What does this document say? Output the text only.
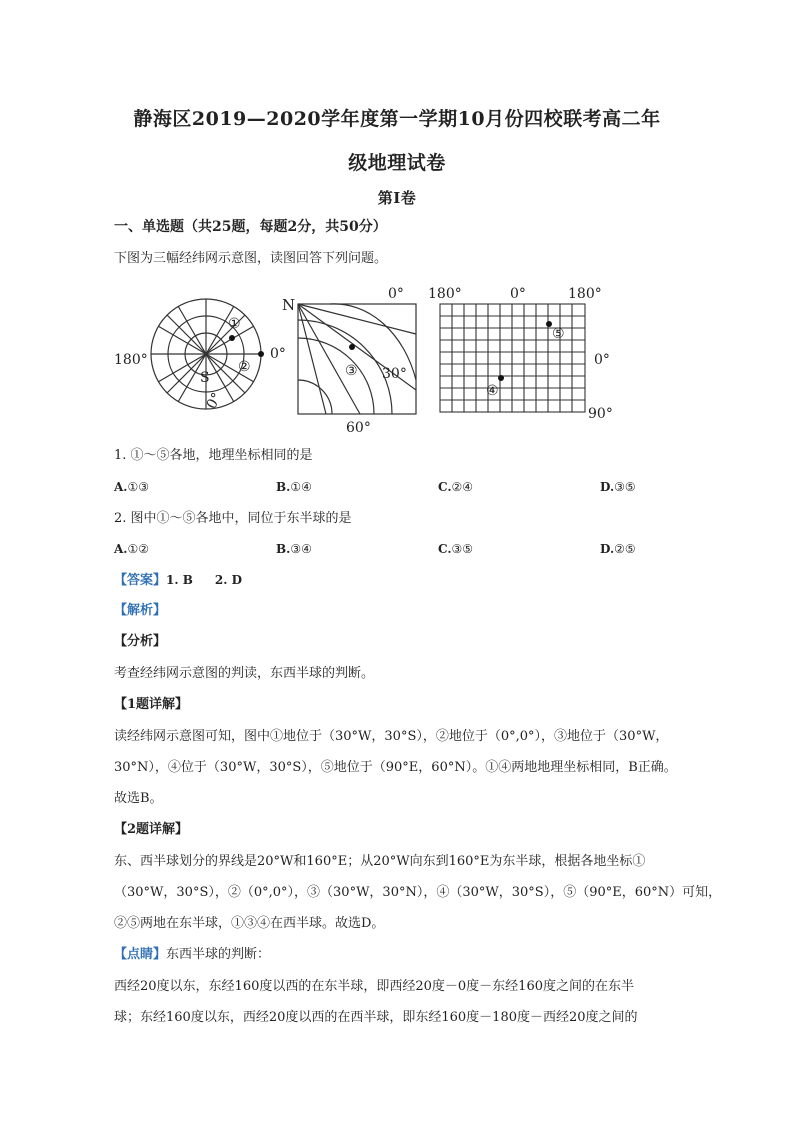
静海区2019—2020学年度第一学期10月份四校联考高二年
级地理试卷
第Ⅰ卷
一、单选题（共25题，每题2分，共50分）
下图为三幅经纬网示意图，读图回答下列问题。
①
②
S
180°	0°
0°
③
N
0°
30°
60°
⑤
④
180°	0°	180°
0°
90°
1. ①～⑤各地，地理坐标相同的是
A.①③	B.①④	C.②④	D.③⑤
2. 图中①～⑤各地中，同位于东半球的是
A.①②	B.③④	C.③⑤	D.②⑤
【答案】1. B 2. D
【解析】
【分析】
考查经纬网示意图的判读，东西半球的判断。
【1题详解】
读经纬网示意图可知，图中①地位于（30°W，30°S），②地位于（0°,0°），③地位于（30°W，
30°N），④位于（30°W，30°S），⑤地位于（90°E，60°N）。①④两地地理坐标相同，B正确。
故选B。
【2题详解】
东、西半球划分的界线是20°W和160°E；从20°W向东到160°E为东半球，根据各地坐标①
（30°W，30°S），②（0°,0°），③（30°W，30°N），④（30°W，30°S），⑤（90°E，60°N）可知，
②⑤两地在东半球，①③④在西半球。故选D。
【点睛】东西半球的判断：
西经20度以东，东经160度以西的在东半球，即西经20度－0度－东经160度之间的在东半
球；东经160度以东，西经20度以西的在西半球，即东经160度－180度－西经20度之间的
